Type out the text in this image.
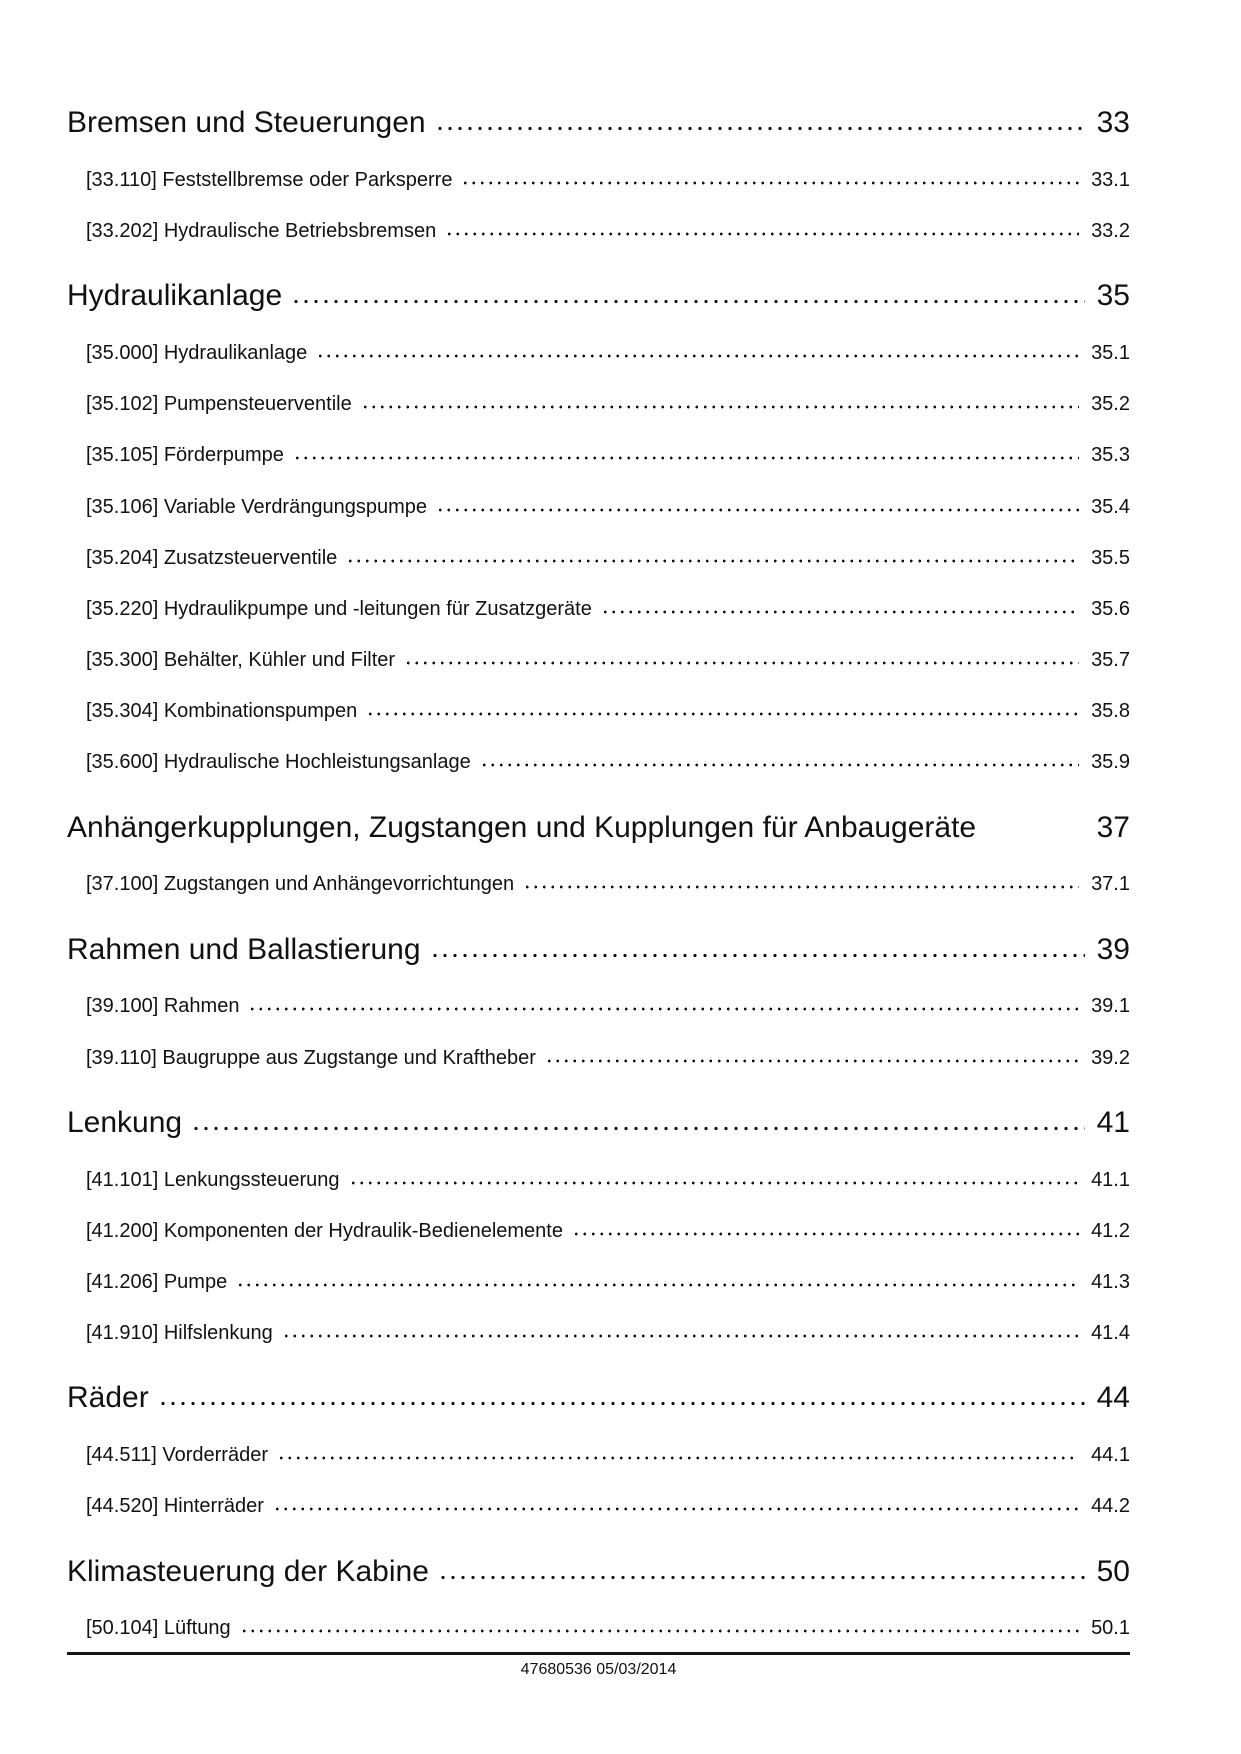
Bremsen und Steuerungen	33
[33.110] Feststellbremse oder Parksperre	33.1
[33.202] Hydraulische Betriebsbremsen	33.2
Hydraulikanlage	35
[35.000] Hydraulikanlage	35.1
[35.102] Pumpensteuerventile	35.2
[35.105] Förderpumpe	35.3
[35.106] Variable Verdrängungspumpe	35.4
[35.204] Zusatzsteuerventile	35.5
[35.220] Hydraulikpumpe und -leitungen für Zusatzgeräte	35.6
[35.300] Behälter, Kühler und Filter	35.7
[35.304] Kombinationspumpen	35.8
[35.600] Hydraulische Hochleistungsanlage	35.9
Anhängerkupplungen, Zugstangen und Kupplungen für Anbaugeräte	37
[37.100] Zugstangen und Anhängevorrichtungen	37.1
Rahmen und Ballastierung	39
[39.100] Rahmen	39.1
[39.110] Baugruppe aus Zugstange und Kraftheber	39.2
Lenkung	41
[41.101] Lenkungssteuerung	41.1
[41.200] Komponenten der Hydraulik-Bedienelemente	41.2
[41.206] Pumpe	41.3
[41.910] Hilfslenkung	41.4
Räder	44
[44.511] Vorderräder	44.1
[44.520] Hinterräder	44.2
Klimasteuerung der Kabine	50
[50.104] Lüftung	50.1
47680536 05/03/2014
